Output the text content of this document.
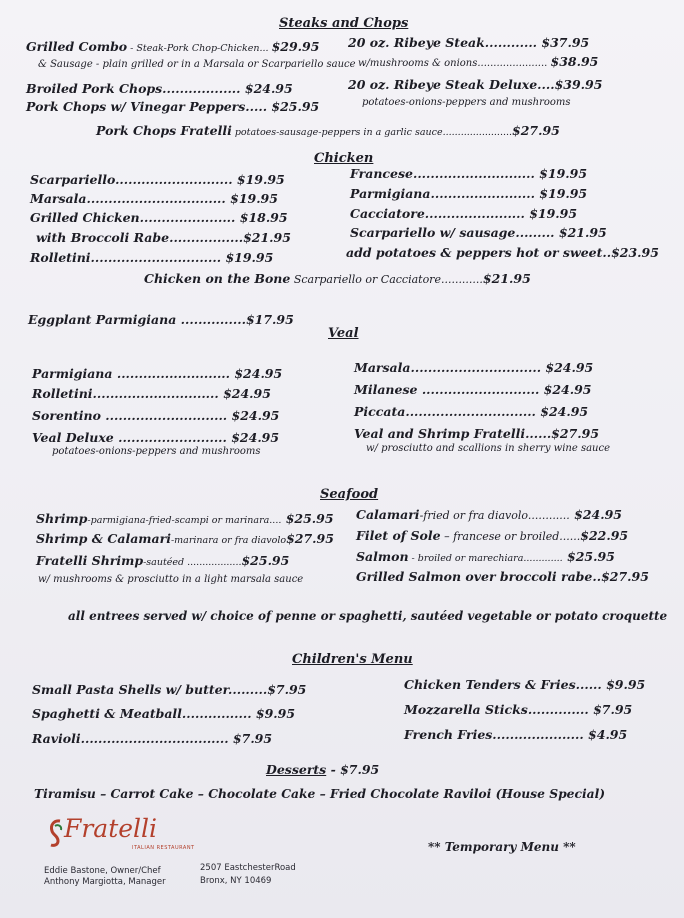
Steaks and Chops
Grilled Combo - Steak-Pork Chop-Chicken... $29.95
& Sausage - plain grilled or in a Marsala or Scarpariello sauce
Broiled Pork Chops.................. $24.95
Pork Chops w/ Vinegar Peppers..... $25.95
20 oz. Ribeye Steak............ $37.95
w/mushrooms & onions...................... $38.95
20 oz. Ribeye Steak Deluxe....$39.95
potatoes-onions-peppers and mushrooms
Pork Chops Fratelli potatoes-sausage-peppers in a garlic sauce.......................$27.95
Chicken
Scarpariello........................... $19.95
Marsala................................ $19.95
Grilled Chicken...................... $18.95
with Broccoli Rabe.................$21.95
Rolletini.............................. $19.95
Francese............................ $19.95
Parmigiana........................ $19.95
Cacciatore....................... $19.95
Scarpariello w/ sausage......... $21.95
add potatoes & peppers hot or sweet..$23.95
Chicken on the Bone Scarpariello or Cacciatore............$21.95
Eggplant Parmigiana ...............$17.95
Veal
Parmigiana .......................... $24.95
Rolletini............................. $24.95
Sorentino ............................ $24.95
Veal Deluxe ......................... $24.95
potatoes-onions-peppers and mushrooms
Marsala.............................. $24.95
Milanese ........................... $24.95
Piccata.............................. $24.95
Veal and Shrimp Fratelli......$27.95
w/ prosciutto and scallions in sherry wine sauce
Seafood
Shrimp-parmigiana-fried-scampi or marinara.... $25.95
Shrimp & Calamari-marinara or fra diavolo$27.95
Fratelli Shrimp-sautéed ..................$25.95
w/ mushrooms & prosciutto in a light marsala sauce
Calamari-fried or fra diavolo............ $24.95
Filet of Sole – francese or broiled......$22.95
Salmon - broiled or marechiara............. $25.95
Grilled Salmon over broccoli rabe..$27.95
all entrees served w/ choice of penne or spaghetti, sautéed vegetable or potato croquette
Children's Menu
Small Pasta Shells w/ butter.........$7.95
Spaghetti & Meatball................ $9.95
Ravioli.................................. $7.95
Chicken Tenders & Fries...... $9.95
Mozzarella Sticks.............. $7.95
French Fries..................... $4.95
Desserts - $7.95
Tiramisu – Carrot Cake – Chocolate Cake – Fried Chocolate Raviloi (House Special)
Fratelli
ITALIAN RESTAURANT
Eddie Bastone, Owner/Chef
Anthony Margiotta, Manager
2507 EastchesterRoad
Bronx, NY 10469
** Temporary Menu **
